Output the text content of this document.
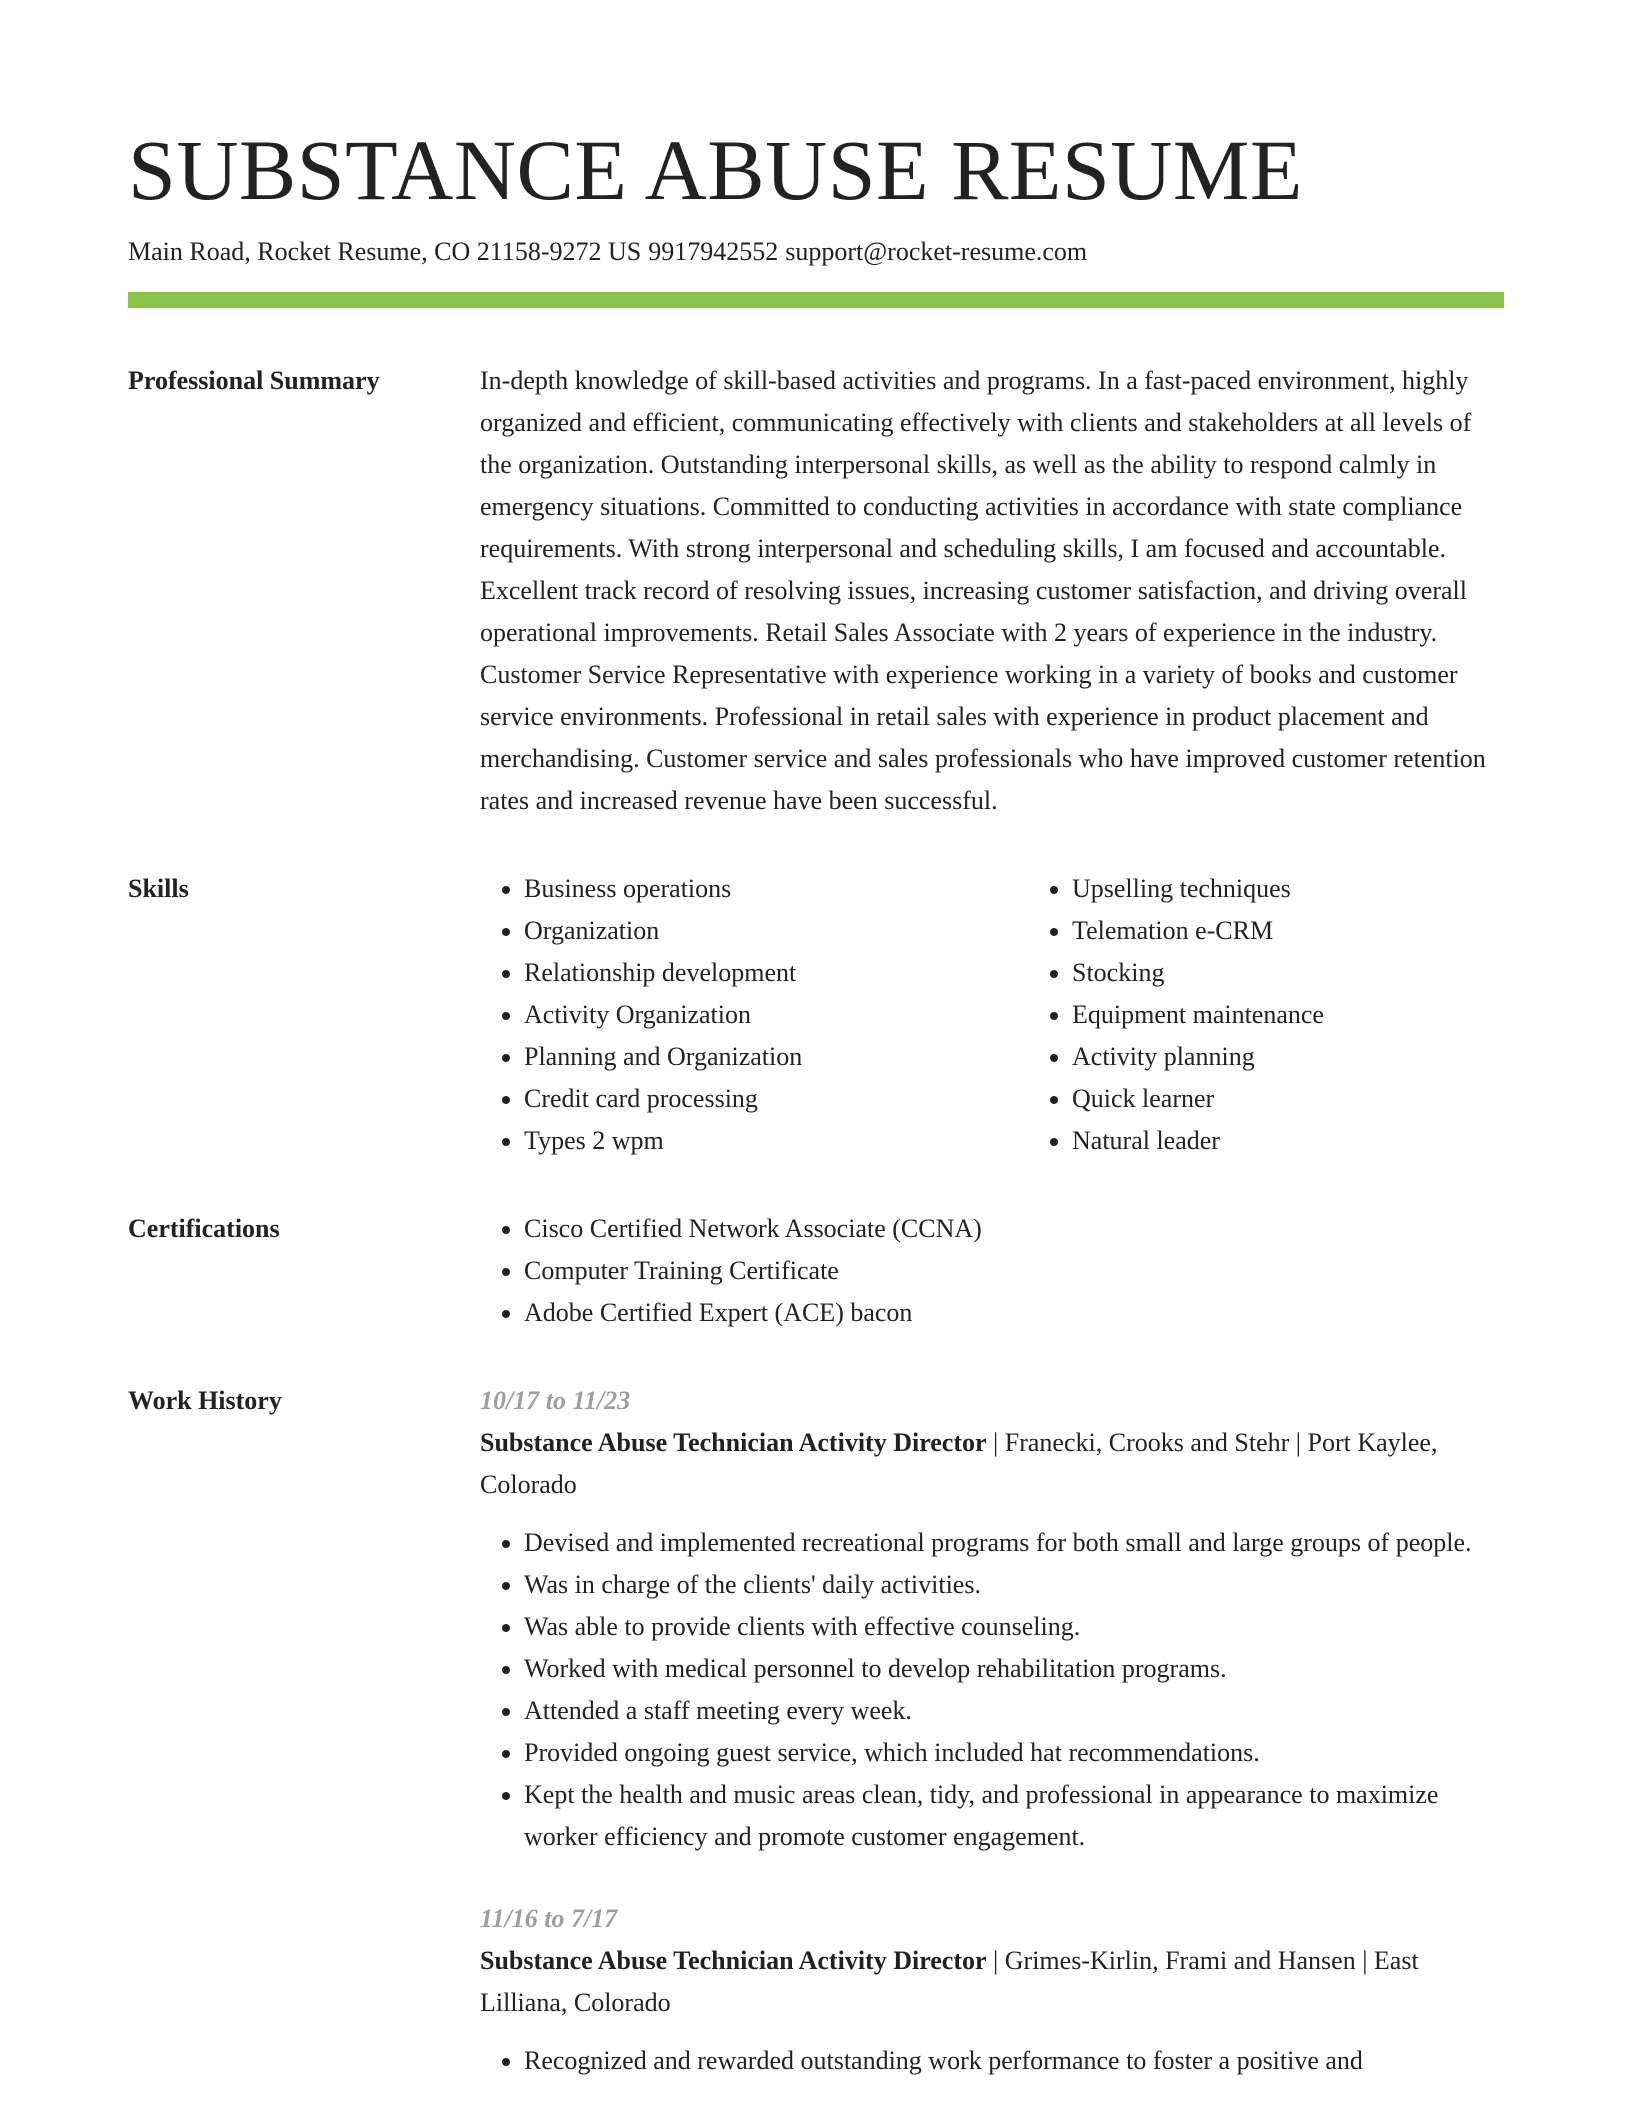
SUBSTANCE ABUSE RESUME
Main Road, Rocket Resume, CO 21158-9272 US 9917942552 support@rocket-resume.com
Professional Summary	In-depth knowledge of skill-based activities and programs. In a fast-paced environment, highly organized and efficient, communicating effectively with clients and stakeholders at all levels of the organization. Outstanding interpersonal skills, as well as the ability to respond calmly in emergency situations. Committed to conducting activities in accordance with state compliance requirements. With strong interpersonal and scheduling skills, I am focused and accountable. Excellent track record of resolving issues, increasing customer satisfaction, and driving overall operational improvements. Retail Sales Associate with 2 years of experience in the industry. Customer Service Representative with experience working in a variety of books and customer service environments. Professional in retail sales with experience in product placement and merchandising. Customer service and sales professionals who have improved customer retention rates and increased revenue have been successful.

Skills	• Business operations
• Organization
• Relationship development
• Activity Organization
• Planning and Organization
• Credit card processing
• Types 2 wpm
• Upselling techniques
• Telemation e-CRM
• Stocking
• Equipment maintenance
• Activity planning
• Quick learner
• Natural leader
Certifications	• Cisco Certified Network Associate (CCNA)
• Computer Training Certificate
• Adobe Certified Expert (ACE) bacon
Work History	10/17 to 11/23
Substance Abuse Technician Activity Director | Franecki, Crooks and Stehr | Port Kaylee, Colorado
• Devised and implemented recreational programs for both small and large groups of people.
• Was in charge of the clients' daily activities.
• Was able to provide clients with effective counseling.
• Worked with medical personnel to develop rehabilitation programs.
• Attended a staff meeting every week.
• Provided ongoing guest service, which included hat recommendations.
• Kept the health and music areas clean, tidy, and professional in appearance to maximize worker efficiency and promote customer engagement.
11/16 to 7/17
Substance Abuse Technician Activity Director | Grimes-Kirlin, Frami and Hansen | East Lilliana, Colorado
• Recognized and rewarded outstanding work performance to foster a positive and
